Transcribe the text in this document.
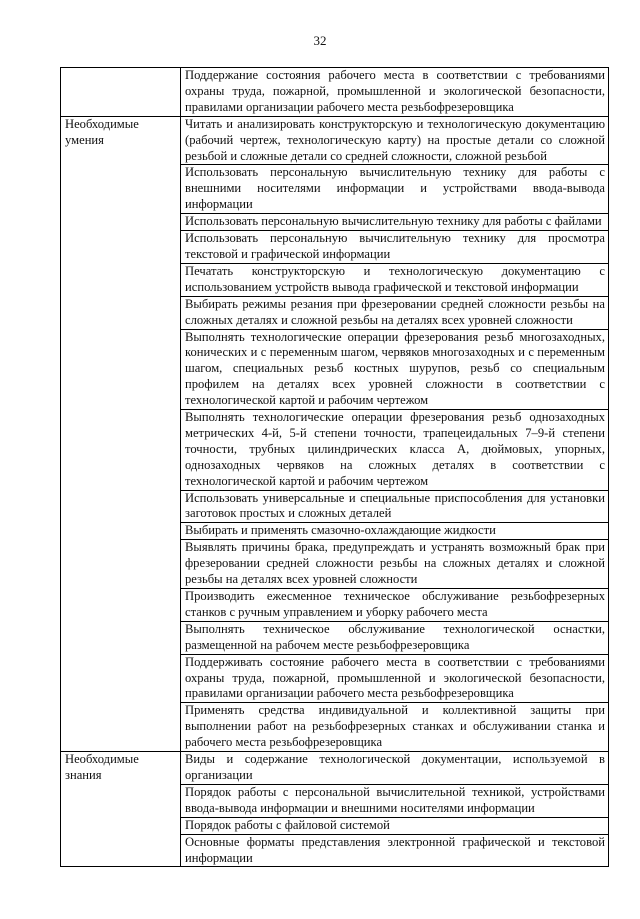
32
	Поддержание состояния рабочего места в соответствии с требованиями охраны труда, пожарной, промышленной и экологической безопасности, правилами организации рабочего места резьбофрезеровщика
Необходимые умения	Читать и анализировать конструкторскую и технологическую документацию (рабочий чертеж, технологическую карту) на простые детали со сложной резьбой и сложные детали со средней сложности, сложной резьбой
	Использовать персональную вычислительную технику для работы с внешними носителями информации и устройствами ввода-вывода информации
	Использовать персональную вычислительную технику для работы с файлами
	Использовать персональную вычислительную технику для просмотра текстовой и графической информации
	Печатать конструкторскую и технологическую документацию с использованием устройств вывода графической и текстовой информации
	Выбирать режимы резания при фрезеровании средней сложности резьбы на сложных деталях и сложной резьбы на деталях всех уровней сложности
	Выполнять технологические операции фрезерования резьб многозаходных, конических и с переменным шагом, червяков многозаходных и с переменным шагом, специальных резьб костных шурупов, резьб со специальным профилем на деталях всех уровней сложности в соответствии с технологической картой и рабочим чертежом
	Выполнять технологические операции фрезерования резьб однозаходных метрических 4-й, 5-й степени точности, трапецеидальных 7–9-й степени точности, трубных цилиндрических класса А, дюймовых, упорных, однозаходных червяков на сложных деталях в соответствии с технологической картой и рабочим чертежом
	Использовать универсальные и специальные приспособления для установки заготовок простых и сложных деталей
	Выбирать и применять смазочно-охлаждающие жидкости
	Выявлять причины брака, предупреждать и устранять возможный брак при фрезеровании средней сложности резьбы на сложных деталях и сложной резьбы на деталях всех уровней сложности
	Производить ежесменное техническое обслуживание резьбофрезерных станков с ручным управлением и уборку рабочего места
	Выполнять техническое обслуживание технологической оснастки, размещенной на рабочем месте резьбофрезеровщика
	Поддерживать состояние рабочего места в соответствии с требованиями охраны труда, пожарной, промышленной и экологической безопасности, правилами организации рабочего места резьбофрезеровщика
	Применять средства индивидуальной и коллективной защиты при выполнении работ на резьбофрезерных станках и обслуживании станка и рабочего места резьбофрезеровщика
Необходимые знания	Виды и содержание технологической документации, используемой в организации
	Порядок работы с персональной вычислительной техникой, устройствами ввода-вывода информации и внешними носителями информации
	Порядок работы с файловой системой
	Основные форматы представления электронной графической и текстовой информации
